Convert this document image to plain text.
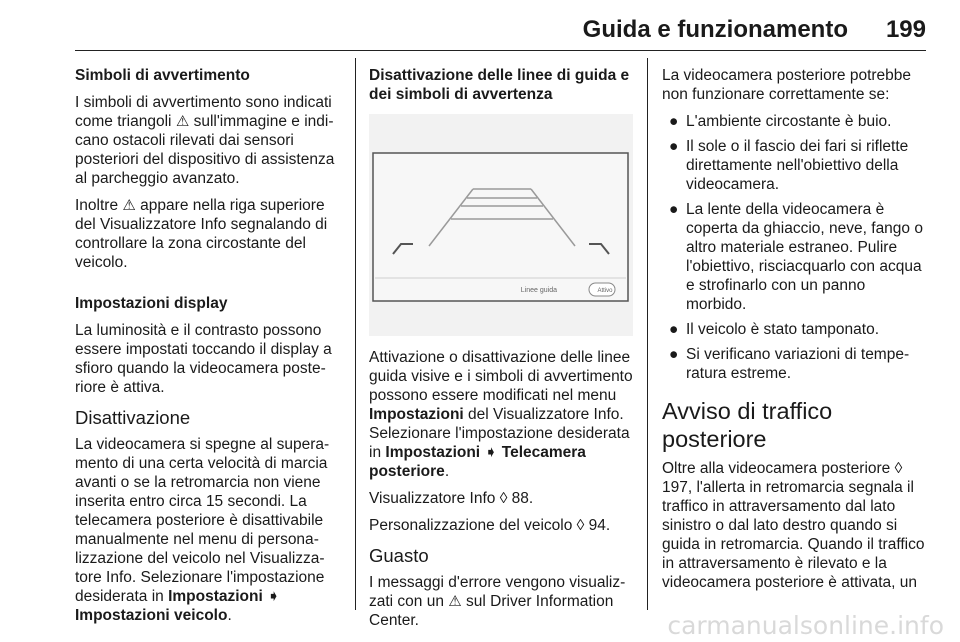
Guida e funzionamento 199

Simboli di avvertimento

I simboli di avvertimento sono indicati come triangoli ⚠ sull'immagine e indicano ostacoli rilevati dai sensori posteriori del dispositivo di assistenza al parcheggio avanzato.

Inoltre ⚠ appare nella riga superiore del Visualizzatore Info segnalando di controllare la zona circostante del veicolo.

Impostazioni display

La luminosità e il contrasto possono essere impostati toccando il display a sfioro quando la videocamera posteriore è attiva.

Disattivazione

La videocamera si spegne al superamento di una certa velocità di marcia avanti o se la retromarcia non viene inserita entro circa 15 secondi. La telecamera posteriore è disattivabile manualmente nel menu di personalizzazione del veicolo nel Visualizzatore Info. Selezionare l'impostazione desiderata in Impostazioni ➧ Impostazioni veicolo.

Disattivazione delle linee di guida e dei simboli di avvertenza

Linee guida	Attivo

Attivazione o disattivazione delle linee guida visive e i simboli di avvertimento possono essere modificati nel menu Impostazioni del Visualizzatore Info. Selezionare l'impostazione desiderata in Impostazioni ➧ Telecamera posteriore.

Visualizzatore Info ◊ 88.

Personalizzazione del veicolo ◊ 94.

Guasto

I messaggi d'errore vengono visualizzati con un ⚠ sul Driver Information Center.

La videocamera posteriore potrebbe non funzionare correttamente se:

● L'ambiente circostante è buio.
● Il sole o il fascio dei fari si riflette direttamente nell'obiettivo della videocamera.
● La lente della videocamera è coperta da ghiaccio, neve, fango o altro materiale estraneo. Pulire l'obiettivo, risciacquarlo con acqua e strofinarlo con un panno morbido.
● Il veicolo è stato tamponato.
● Si verificano variazioni di temperatura estreme.
Avviso di traffico posteriore

Oltre alla videocamera posteriore ◊ 197, l'allerta in retromarcia segnala il traffico in attraversamento dal lato sinistro o dal lato destro quando si guida in retromarcia. Quando il traffico in attraversamento è rilevato e la videocamera posteriore è attivata, un

carmanualsonline.info
